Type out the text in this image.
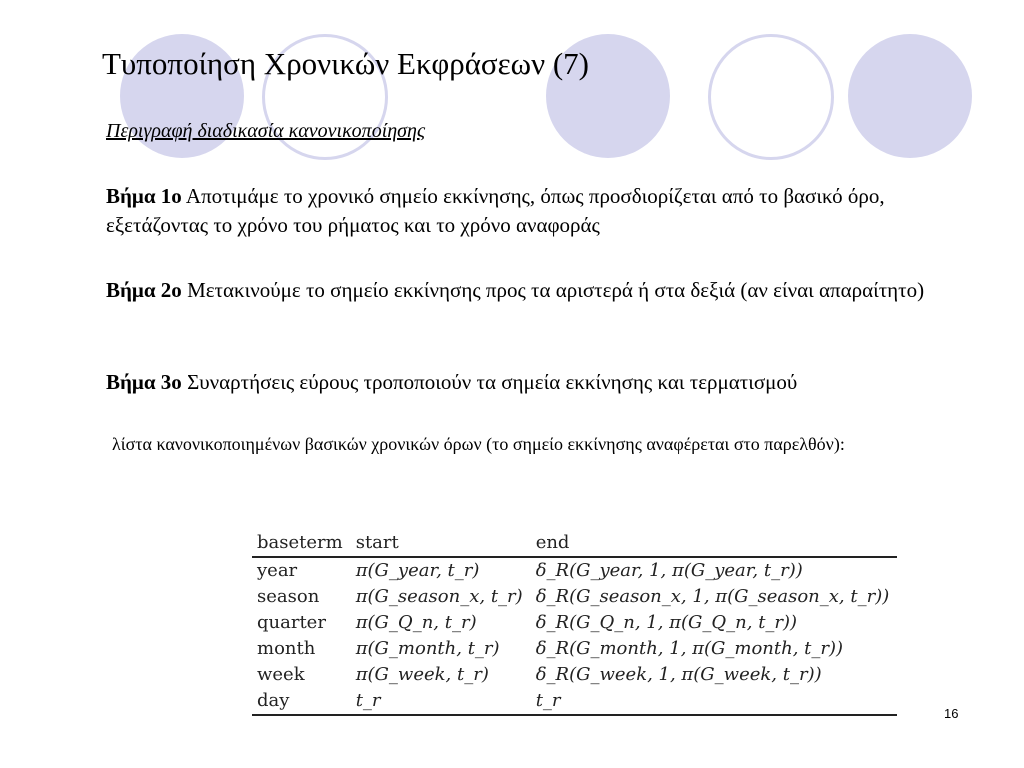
Τυποποίηση Χρονικών Εκφράσεων (7)
Περιγραφή διαδικασία κανονικοποίησης
Βήμα 1ο Αποτιμάμε το χρονικό σημείο εκκίνησης, όπως προσδιορίζεται από το βασικό όρο, εξετάζοντας το χρόνο του ρήματος και το χρόνο αναφοράς
Βήμα 2ο Μετακινούμε το σημείο εκκίνησης προς τα αριστερά ή στα δεξιά (αν είναι απαραίτητο)
Βήμα 3ο Συναρτήσεις εύρους τροποποιούν τα σημεία εκκίνησης και τερματισμού
λίστα κανονικοποιημένων βασικών χρονικών όρων (το σημείο εκκίνησης αναφέρεται στο παρελθόν):
baseterm	start	end
year	π(G_year, t_r)	δ_R(G_year, 1, π(G_year, t_r))
season	π(G_season_x, t_r)	δ_R(G_season_x, 1, π(G_season_x, t_r))
quarter	π(G_Q_n, t_r)	δ_R(G_Q_n, 1, π(G_Q_n, t_r))
month	π(G_month, t_r)	δ_R(G_month, 1, π(G_month, t_r))
week	π(G_week, t_r)	δ_R(G_week, 1, π(G_week, t_r))
day	t_r	t_r
16
